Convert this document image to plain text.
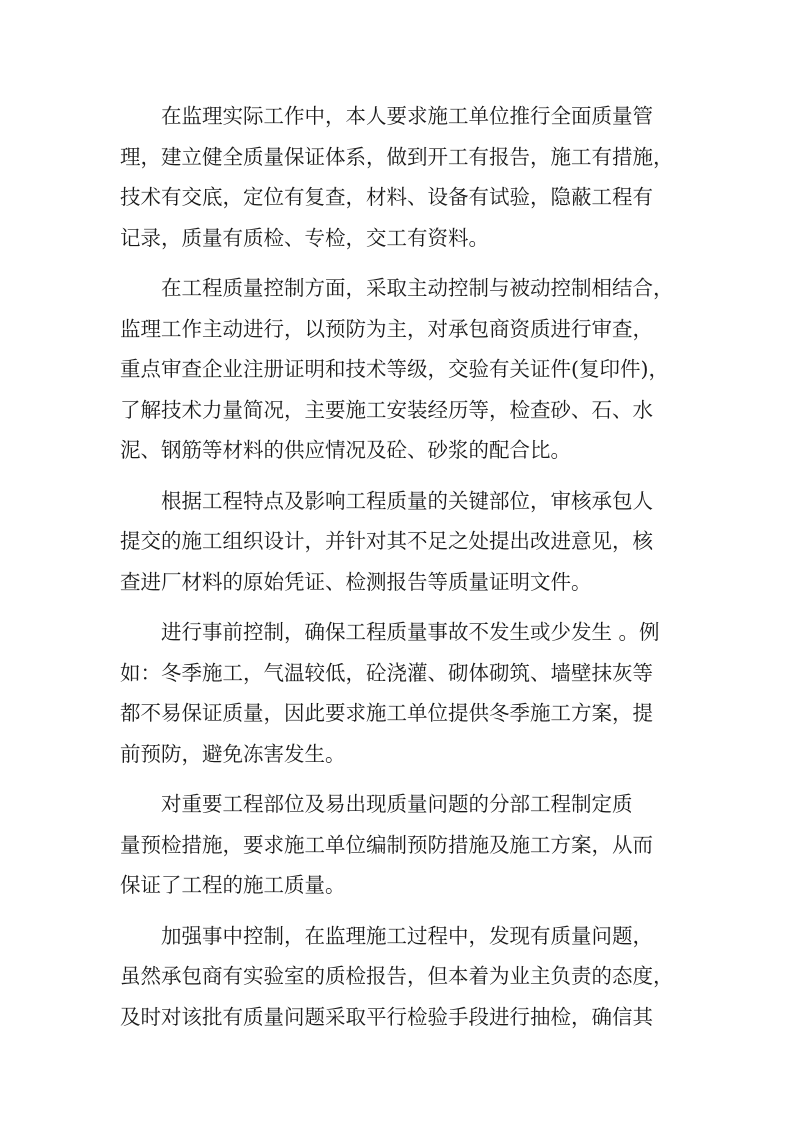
　　在监理实际工作中，本人要求施工单位推行全面质量管
理，建立健全质量保证体系，做到开工有报告，施工有措施，
技术有交底，定位有复查，材料、设备有试验，隐蔽工程有
记录，质量有质检、专检，交工有资料。
　　在工程质量控制方面，采取主动控制与被动控制相结合，
监理工作主动进行，以预防为主，对承包商资质进行审查，
重点审查企业注册证明和技术等级，交验有关证件(复印件)，
了解技术力量简况，主要施工安装经历等，检查砂、石、水
泥、钢筋等材料的供应情况及砼、砂浆的配合比。
　　根据工程特点及影响工程质量的关键部位，审核承包人
提交的施工组织设计，并针对其不足之处提出改进意见，核
查进厂材料的原始凭证、检测报告等质量证明文件。
　　进行事前控制，确保工程质量事故不发生或少发生 。例
如：冬季施工，气温较低，砼浇灌、砌体砌筑、墙壁抹灰等
都不易保证质量，因此要求施工单位提供冬季施工方案，提
前预防，避免冻害发生。
　　对重要工程部位及易出现质量问题的分部工程制定质
量预检措施，要求施工单位编制预防措施及施工方案，从而
保证了工程的施工质量。
　　加强事中控制，在监理施工过程中，发现有质量问题，
虽然承包商有实验室的质检报告，但本着为业主负责的态度，
及时对该批有质量问题采取平行检验手段进行抽检，确信其
